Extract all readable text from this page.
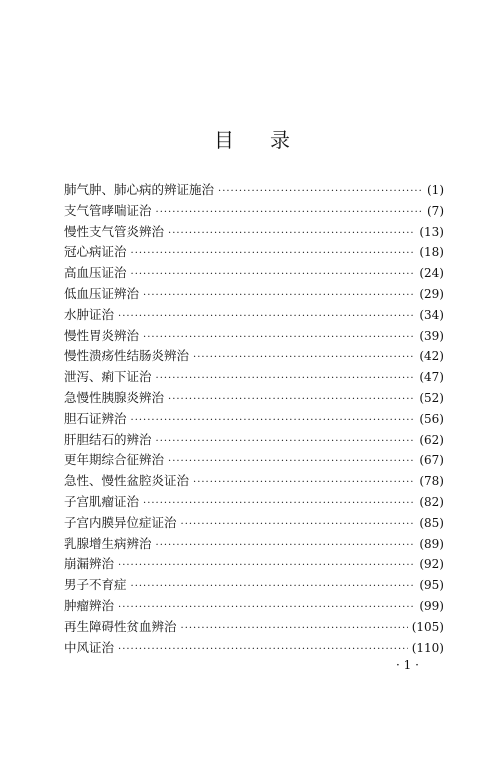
目 录
肺气肿、肺心病的辨证施治 ·····	(1)
支气管哮喘证治 ·····	(7)
慢性支气管炎辨治 ·····	(13)
冠心病证治 ·····	(18)
高血压证治 ·····	(24)
低血压证辨治 ·····	(29)
水肿证治 ·····	(34)
慢性胃炎辨治 ·····	(39)
慢性溃疡性结肠炎辨治 ·····	(42)
泄泻、痢下证治 ·····	(47)
急慢性胰腺炎辨治 ·····	(52)
胆石证辨治 ·····	(56)
肝胆结石的辨治 ·····	(62)
更年期综合征辨治 ·····	(67)
急性、慢性盆腔炎证治 ·····	(78)
子宫肌瘤证治 ·····	(82)
子宫内膜异位症证治 ·····	(85)
乳腺增生病辨治 ·····	(89)
崩漏辨治 ·····	(92)
男子不育症 ·····	(95)
肿瘤辨治 ·····	(99)
再生障碍性贫血辨治 ·····	(105)
中风证治 ·····	(110)
· 1 ·
